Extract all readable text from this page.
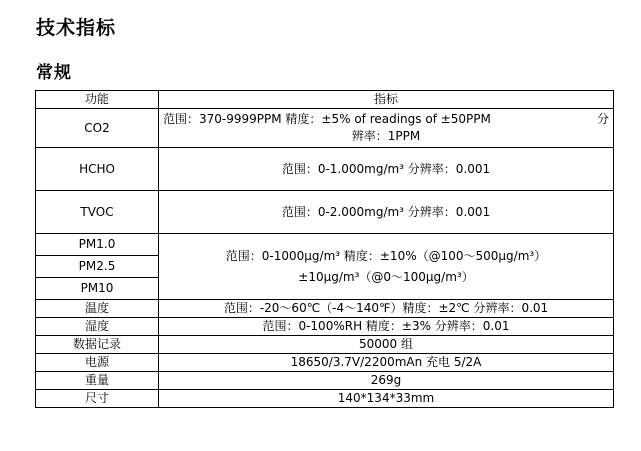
技术指标
常规
功能	指标
CO2	范围：370-9999PPM 精度：±5% of readings of ±50PPM 分
辨率：1PPM

HCHO	范围：0-1.000mg/m³ 分辨率：0.001
TVOC	范围：0-2.000mg/m³ 分辨率：0.001
PM1.0	范围：0-1000μg/m³ 精度：±10%（@100～500μg/m³）
±10μg/m³（@0～100μg/m³）

PM2.5	
PM10	
温度	范围：-20～60℃（-4～140℉）精度：±2℃ 分辨率：0.01
湿度	范围：0-100%RH 精度：±3% 分辨率：0.01
数据记录	50000 组
电源	18650/3.7V/2200mAn 充电 5/2A
重量	269g
尺寸	140*134*33mm
